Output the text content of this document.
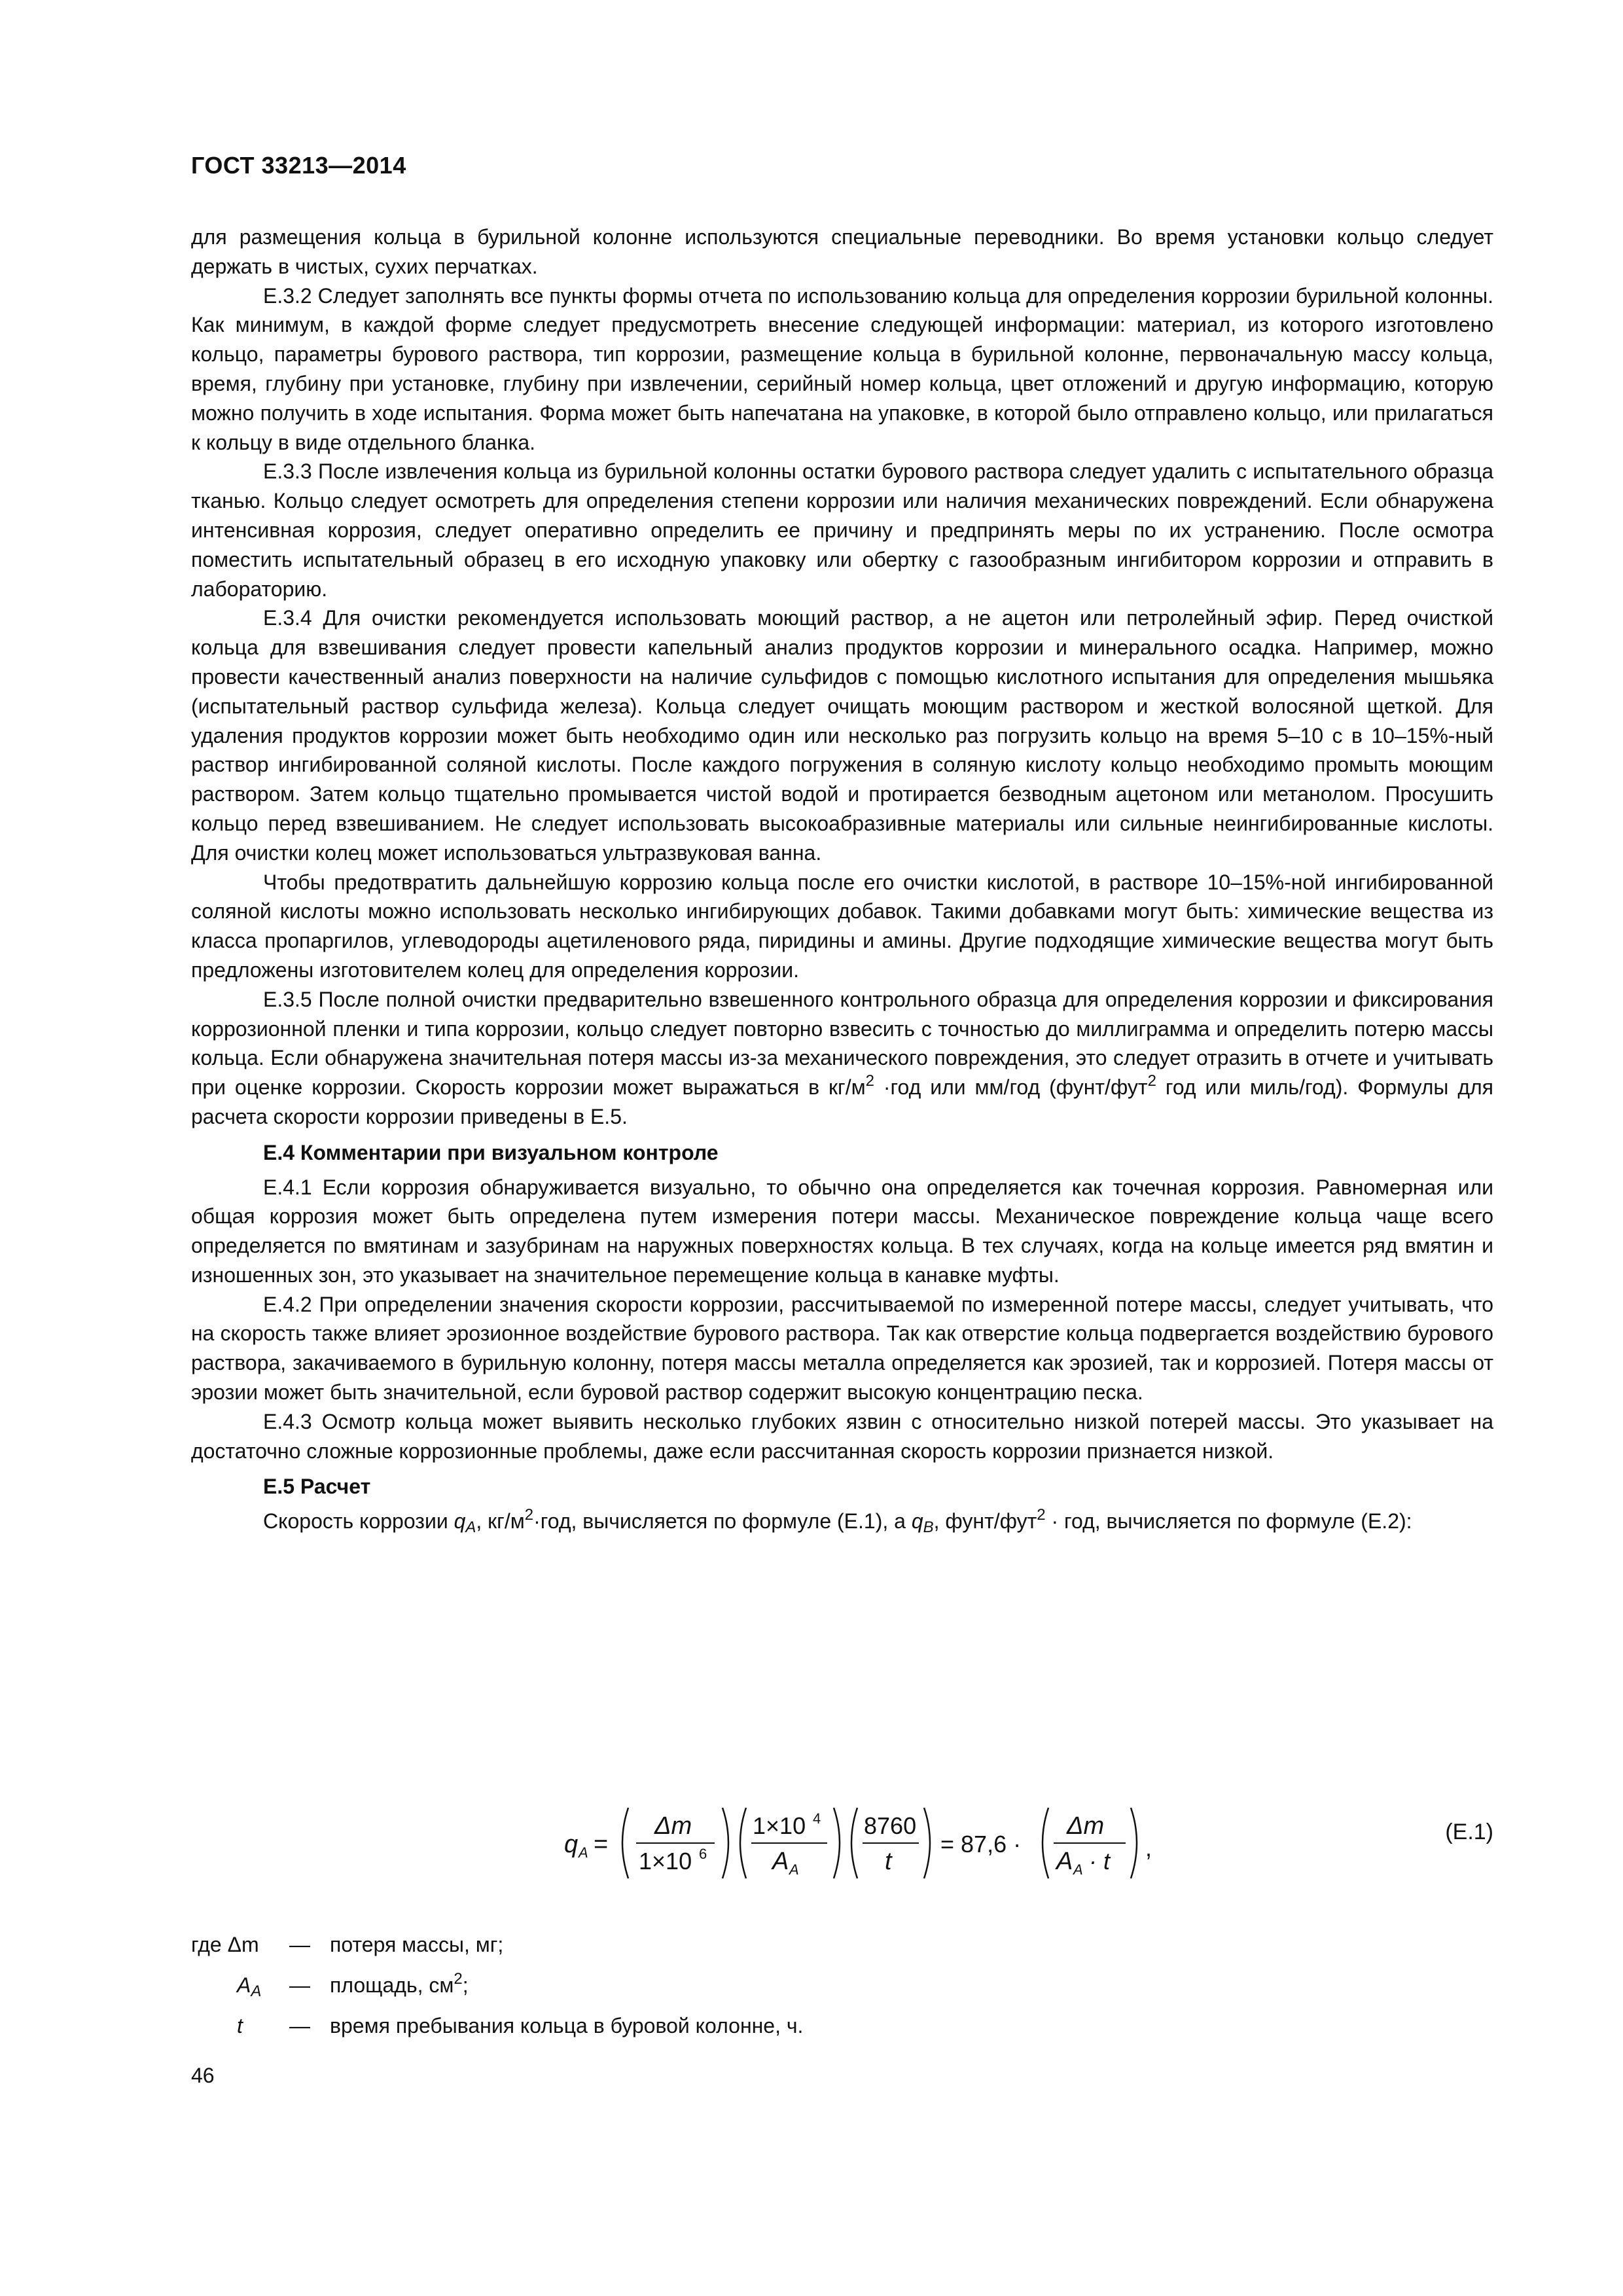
ГОСТ 33213—2014

для размещения кольца в бурильной колонне используются специальные переводники. Во время установки кольцо следует держать в чистых, сухих перчатках.

Е.3.2 Следует заполнять все пункты формы отчета по использованию кольца для определения коррозии бурильной колонны. Как минимум, в каждой форме следует предусмотреть внесение следующей информации: материал, из которого изготовлено кольцо, параметры бурового раствора, тип коррозии, размещение кольца в бурильной колонне, первоначальную массу кольца, время, глубину при установке, глубину при извлечении, серийный номер кольца, цвет отложений и другую информацию, которую можно получить в ходе испытания. Форма может быть напечатана на упаковке, в которой было отправлено кольцо, или прилагаться к кольцу в виде отдельного бланка.

Е.3.3 После извлечения кольца из бурильной колонны остатки бурового раствора следует удалить с испытательного образца тканью. Кольцо следует осмотреть для определения степени коррозии или наличия механических повреждений. Если обнаружена интенсивная коррозия, следует оперативно определить ее причину и предпринять меры по их устранению. После осмотра поместить испытательный образец в его исходную упаковку или обертку с газообразным ингибитором коррозии и отправить в лабораторию.

Е.3.4 Для очистки рекомендуется использовать моющий раствор, а не ацетон или петролейный эфир. Перед очисткой кольца для взвешивания следует провести капельный анализ продуктов коррозии и минерального осадка. Например, можно провести качественный анализ поверхности на наличие сульфидов с помощью кислотного испытания для определения мышьяка (испытательный раствор сульфида железа). Кольца следует очищать моющим раствором и жесткой волосяной щеткой. Для удаления продуктов коррозии может быть необходимо один или несколько раз погрузить кольцо на время 5–10 с в 10–15%-ный раствор ингибированной соляной кислоты. После каждого погружения в соляную кислоту кольцо необходимо промыть моющим раствором. Затем кольцо тщательно промывается чистой водой и протирается безводным ацетоном или метанолом. Просушить кольцо перед взвешиванием. Не следует использовать высокоабразивные материалы или сильные неингибированные кислоты. Для очистки колец может использоваться ультразвуковая ванна.

Чтобы предотвратить дальнейшую коррозию кольца после его очистки кислотой, в растворе 10–15%-ной ингибированной соляной кислоты можно использовать несколько ингибирующих добавок. Такими добавками могут быть: химические вещества из класса пропаргилов, углеводороды ацетиленового ряда, пиридины и амины. Другие подходящие химические вещества могут быть предложены изготовителем колец для определения коррозии.

Е.3.5 После полной очистки предварительно взвешенного контрольного образца для определения коррозии и фиксирования коррозионной пленки и типа коррозии, кольцо следует повторно взвесить с точностью до миллиграмма и определить потерю массы кольца. Если обнаружена значительная потеря массы из-за механического повреждения, это следует отразить в отчете и учитывать при оценке коррозии. Скорость коррозии может выражаться в $кг/м^2 \cdot год$ или мм/год (фунт/фут$^2$ год или миль/год). Формулы для расчета скорости коррозии приведены в Е.5.

Е.4 Комментарии при визуальном контроле

Е.4.1 Если коррозия обнаруживается визуально, то обычно она определяется как точечная коррозия. Равномерная или общая коррозия может быть определена путем измерения потери массы. Механическое повреждение кольца чаще всего определяется по вмятинам и зазубринам на наружных поверхностях кольца. В тех случаях, когда на кольце имеется ряд вмятин и изношенных зон, это указывает на значительное перемещение кольца в канавке муфты.

Е.4.2 При определении значения скорости коррозии, рассчитываемой по измеренной потере массы, следует учитывать, что на скорость также влияет эрозионное воздействие бурового раствора. Так как отверстие кольца подвергается воздействию бурового раствора, закачиваемого в бурильную колонну, потеря массы металла определяется как эрозией, так и коррозией. Потеря массы от эрозии может быть значительной, если буровой раствор содержит высокую концентрацию песка.

Е.4.3 Осмотр кольца может выявить несколько глубоких язвин с относительно низкой потерей массы. Это указывает на достаточно сложные коррозионные проблемы, даже если рассчитанная скорость коррозии признается низкой.

Е.5 Расчет

Скорость коррозии $q_A$, $кг/м^2\cdot год$, вычисляется по формуле (Е.1), а $q_B$, фунт/фут$^2$ · год, вычисляется по формуле (Е.2):

q A =
Δm
1×10 6
1×10 4
A A
8760
t
= 87,6 ·
Δm
A A · t ,
(Е.1)
где Δm	— потеря массы, мг;
$A_A$	— площадь, $см^2$;
t	— время пребывания кольца в буровой колонне, ч.
46
